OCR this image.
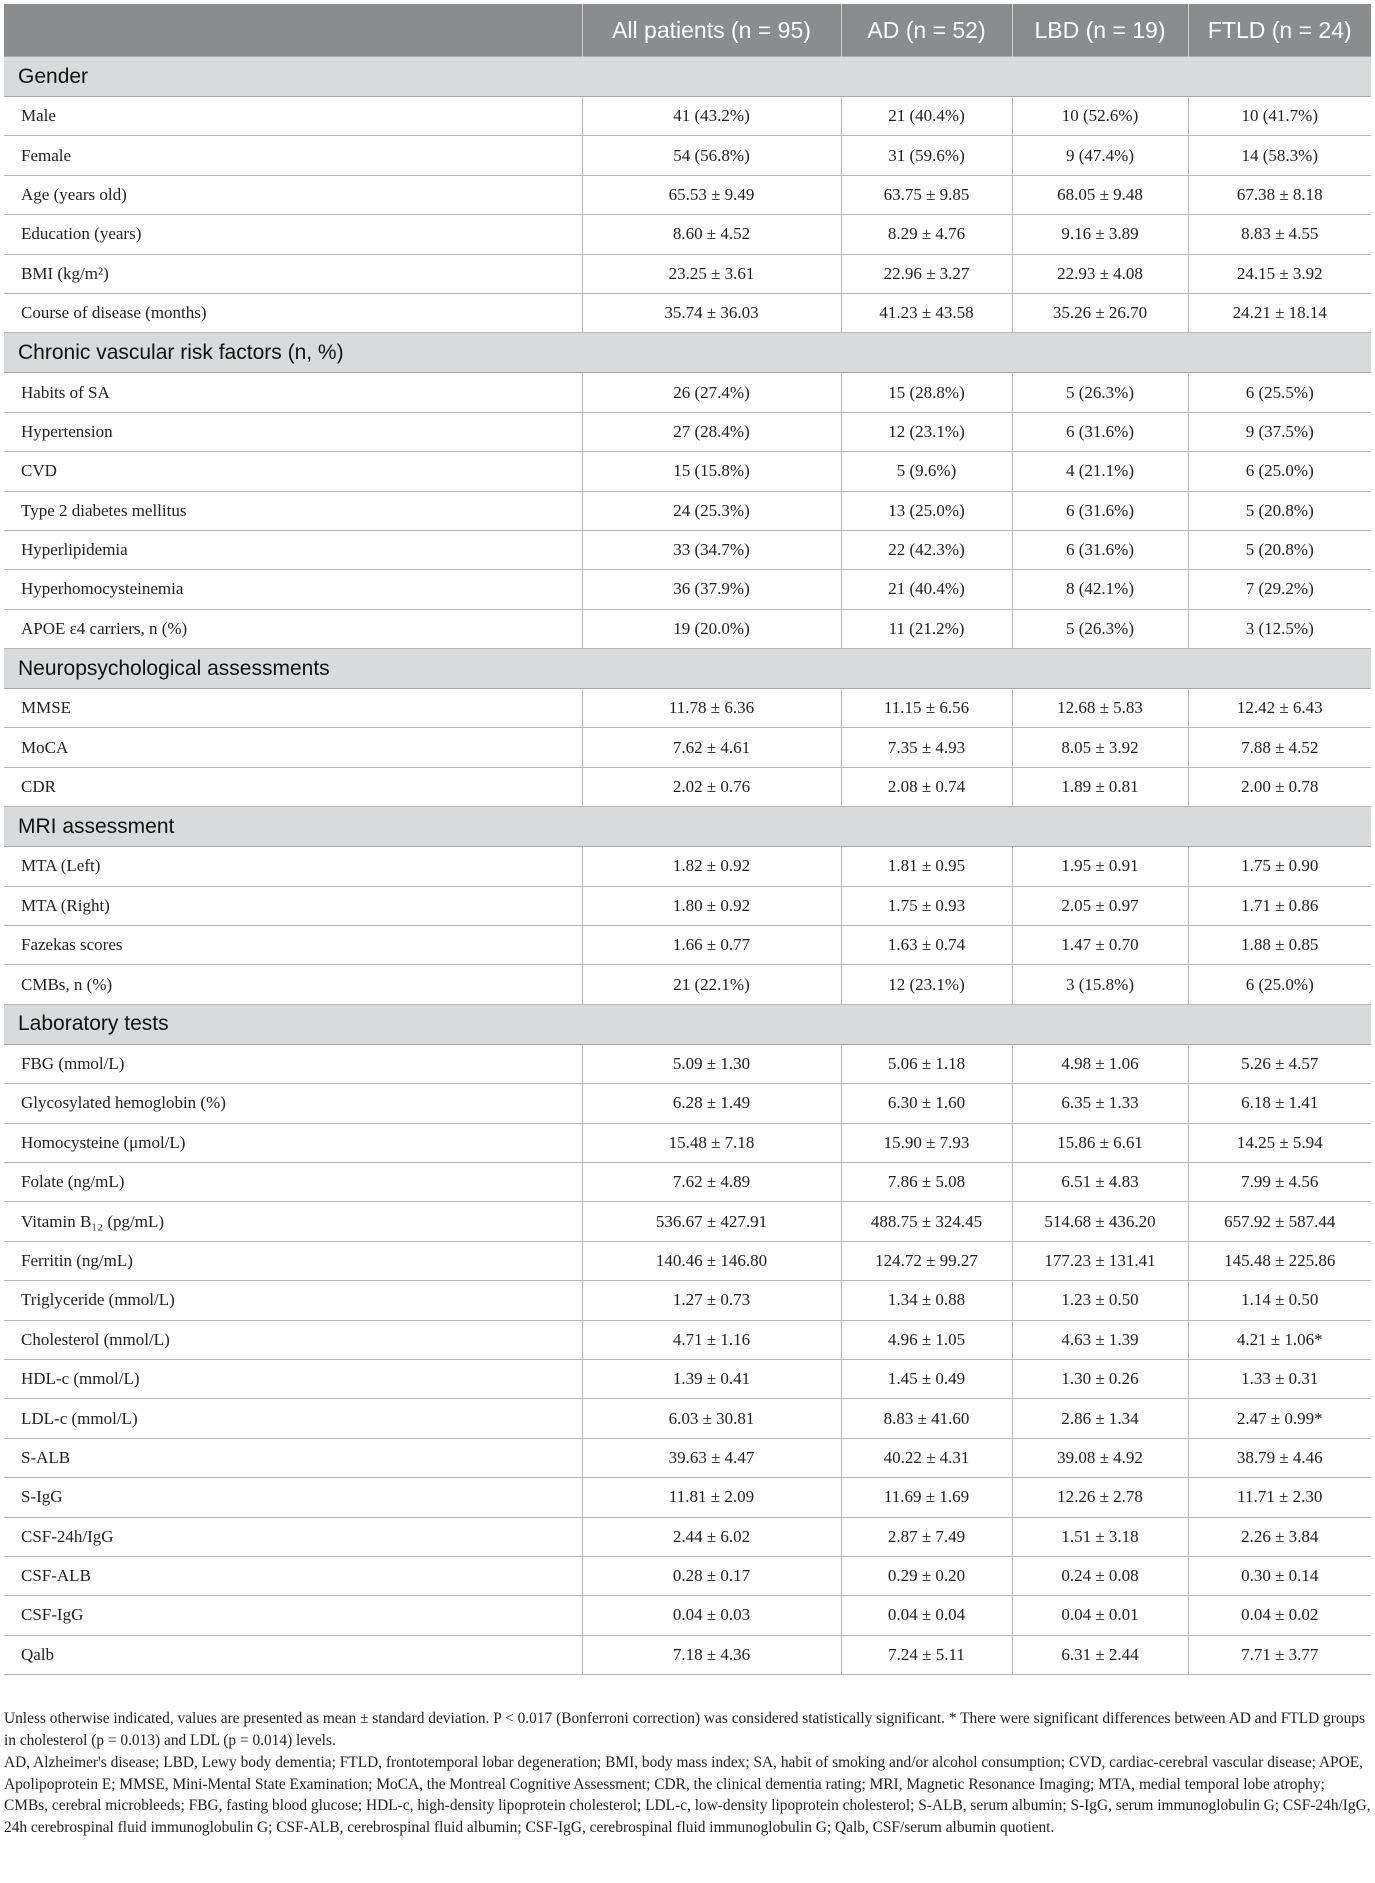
	All patients (n = 95)	AD (n = 52)	LBD (n = 19)	FTLD (n = 24)
Gender				
Male	41 (43.2%)	21 (40.4%)	10 (52.6%)	10 (41.7%)
Female	54 (56.8%)	31 (59.6%)	9 (47.4%)	14 (58.3%)
Age (years old)	65.53 ± 9.49	63.75 ± 9.85	68.05 ± 9.48	67.38 ± 8.18
Education (years)	8.60 ± 4.52	8.29 ± 4.76	9.16 ± 3.89	8.83 ± 4.55
BMI (kg/m²)	23.25 ± 3.61	22.96 ± 3.27	22.93 ± 4.08	24.15 ± 3.92
Course of disease (months)	35.74 ± 36.03	41.23 ± 43.58	35.26 ± 26.70	24.21 ± 18.14
Chronic vascular risk factors (n, %)				
Habits of SA	26 (27.4%)	15 (28.8%)	5 (26.3%)	6 (25.5%)
Hypertension	27 (28.4%)	12 (23.1%)	6 (31.6%)	9 (37.5%)
CVD	15 (15.8%)	5 (9.6%)	4 (21.1%)	6 (25.0%)
Type 2 diabetes mellitus	24 (25.3%)	13 (25.0%)	6 (31.6%)	5 (20.8%)
Hyperlipidemia	33 (34.7%)	22 (42.3%)	6 (31.6%)	5 (20.8%)
Hyperhomocysteinemia	36 (37.9%)	21 (40.4%)	8 (42.1%)	7 (29.2%)
APOE ε4 carriers, n (%)	19 (20.0%)	11 (21.2%)	5 (26.3%)	3 (12.5%)
Neuropsychological assessments				
MMSE	11.78 ± 6.36	11.15 ± 6.56	12.68 ± 5.83	12.42 ± 6.43
MoCA	7.62 ± 4.61	7.35 ± 4.93	8.05 ± 3.92	7.88 ± 4.52
CDR	2.02 ± 0.76	2.08 ± 0.74	1.89 ± 0.81	2.00 ± 0.78
MRI assessment				
MTA (Left)	1.82 ± 0.92	1.81 ± 0.95	1.95 ± 0.91	1.75 ± 0.90
MTA (Right)	1.80 ± 0.92	1.75 ± 0.93	2.05 ± 0.97	1.71 ± 0.86
Fazekas scores	1.66 ± 0.77	1.63 ± 0.74	1.47 ± 0.70	1.88 ± 0.85
CMBs, n (%)	21 (22.1%)	12 (23.1%)	3 (15.8%)	6 (25.0%)
Laboratory tests				
FBG (mmol/L)	5.09 ± 1.30	5.06 ± 1.18	4.98 ± 1.06	5.26 ± 4.57
Glycosylated hemoglobin (%)	6.28 ± 1.49	6.30 ± 1.60	6.35 ± 1.33	6.18 ± 1.41
Homocysteine (μmol/L)	15.48 ± 7.18	15.90 ± 7.93	15.86 ± 6.61	14.25 ± 5.94
Folate (ng/mL)	7.62 ± 4.89	7.86 ± 5.08	6.51 ± 4.83	7.99 ± 4.56
Vitamin B₁₂ (pg/mL)	536.67 ± 427.91	488.75 ± 324.45	514.68 ± 436.20	657.92 ± 587.44
Ferritin (ng/mL)	140.46 ± 146.80	124.72 ± 99.27	177.23 ± 131.41	145.48 ± 225.86
Triglyceride (mmol/L)	1.27 ± 0.73	1.34 ± 0.88	1.23 ± 0.50	1.14 ± 0.50
Cholesterol (mmol/L)	4.71 ± 1.16	4.96 ± 1.05	4.63 ± 1.39	4.21 ± 1.06*
HDL-c (mmol/L)	1.39 ± 0.41	1.45 ± 0.49	1.30 ± 0.26	1.33 ± 0.31
LDL-c (mmol/L)	6.03 ± 30.81	8.83 ± 41.60	2.86 ± 1.34	2.47 ± 0.99*
S-ALB	39.63 ± 4.47	40.22 ± 4.31	39.08 ± 4.92	38.79 ± 4.46
S-IgG	11.81 ± 2.09	11.69 ± 1.69	12.26 ± 2.78	11.71 ± 2.30
CSF-24h/IgG	2.44 ± 6.02	2.87 ± 7.49	1.51 ± 3.18	2.26 ± 3.84
CSF-ALB	0.28 ± 0.17	0.29 ± 0.20	0.24 ± 0.08	0.30 ± 0.14
CSF-IgG	0.04 ± 0.03	0.04 ± 0.04	0.04 ± 0.01	0.04 ± 0.02
Qalb	7.18 ± 4.36	7.24 ± 5.11	6.31 ± 2.44	7.71 ± 3.77

Unless otherwise indicated, values are presented as mean ± standard deviation. P < 0.017 (Bonferroni correction) was considered statistically significant. * There were significant differences between AD and FTLD groups in cholesterol (p = 0.013) and LDL (p = 0.014) levels.

AD, Alzheimer's disease; LBD, Lewy body dementia; FTLD, frontotemporal lobar degeneration; BMI, body mass index; SA, habit of smoking and/or alcohol consumption; CVD, cardiac-cerebral vascular disease; APOE, Apolipoprotein E; MMSE, Mini-Mental State Examination; MoCA, the Montreal Cognitive Assessment; CDR, the clinical dementia rating; MRI, Magnetic Resonance Imaging; MTA, medial temporal lobe atrophy; CMBs, cerebral microbleeds; FBG, fasting blood glucose; HDL-c, high-density lipoprotein cholesterol; LDL-c, low-density lipoprotein cholesterol; S-ALB, serum albumin; S-IgG, serum immunoglobulin G; CSF-24h/IgG, 24h cerebrospinal fluid immunoglobulin G; CSF-ALB, cerebrospinal fluid albumin; CSF-IgG, cerebrospinal fluid immunoglobulin G; Qalb, CSF/serum albumin quotient.
